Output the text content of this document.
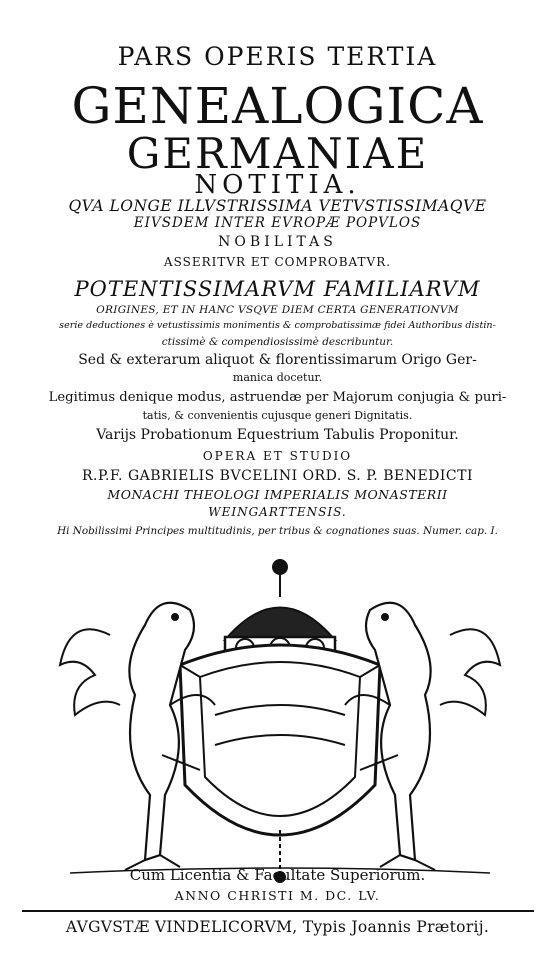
PARS OPERIS TERTIA
GENEALOGICA
GERMANIAE
NOTITIA.
QVA LONGE ILLVSTRISSIMA VETVSTISSIMAQVE
EIVSDEM INTER EVROPÆ POPVLOS
NOBILITAS
ASSERITVR ET COMPROBATVR.
POTENTISSIMARVM FAMILIARVM
ORIGINES, ET IN HANC VSQVE DIEM CERTA GENERATIONVM
serie deductiones è vetustissimis monimentis & comprobatissimæ fidei Authoribus distin-
ctissimè & compendiosissimè describuntur.
Sed & exterarum aliquot & florentissimarum Origo Ger-
manica docetur.
Legitimus denique modus, astruendæ per Majorum conjugia & puri-
tatis, & convenientis cujusque generi Dignitatis.
Varijs Probationum Equestrium Tabulis Proponitur.
OPERA ET STUDIO
R.P.F. GABRIELIS BVCELINI ORD. S. P. BENEDICTI
MONACHI THEOLOGI IMPERIALIS MONASTERII
WEINGARTTENSIS.
Hi Nobilissimi Principes multitudinis, per tribus & cognationes suas. Numer. cap. I.
Cum Licentia & Facultate Superiorum.
ANNO CHRISTI M. DC. LV.
AVGVSTÆ VINDELICORVM, Typis Joannis Prætorij.
